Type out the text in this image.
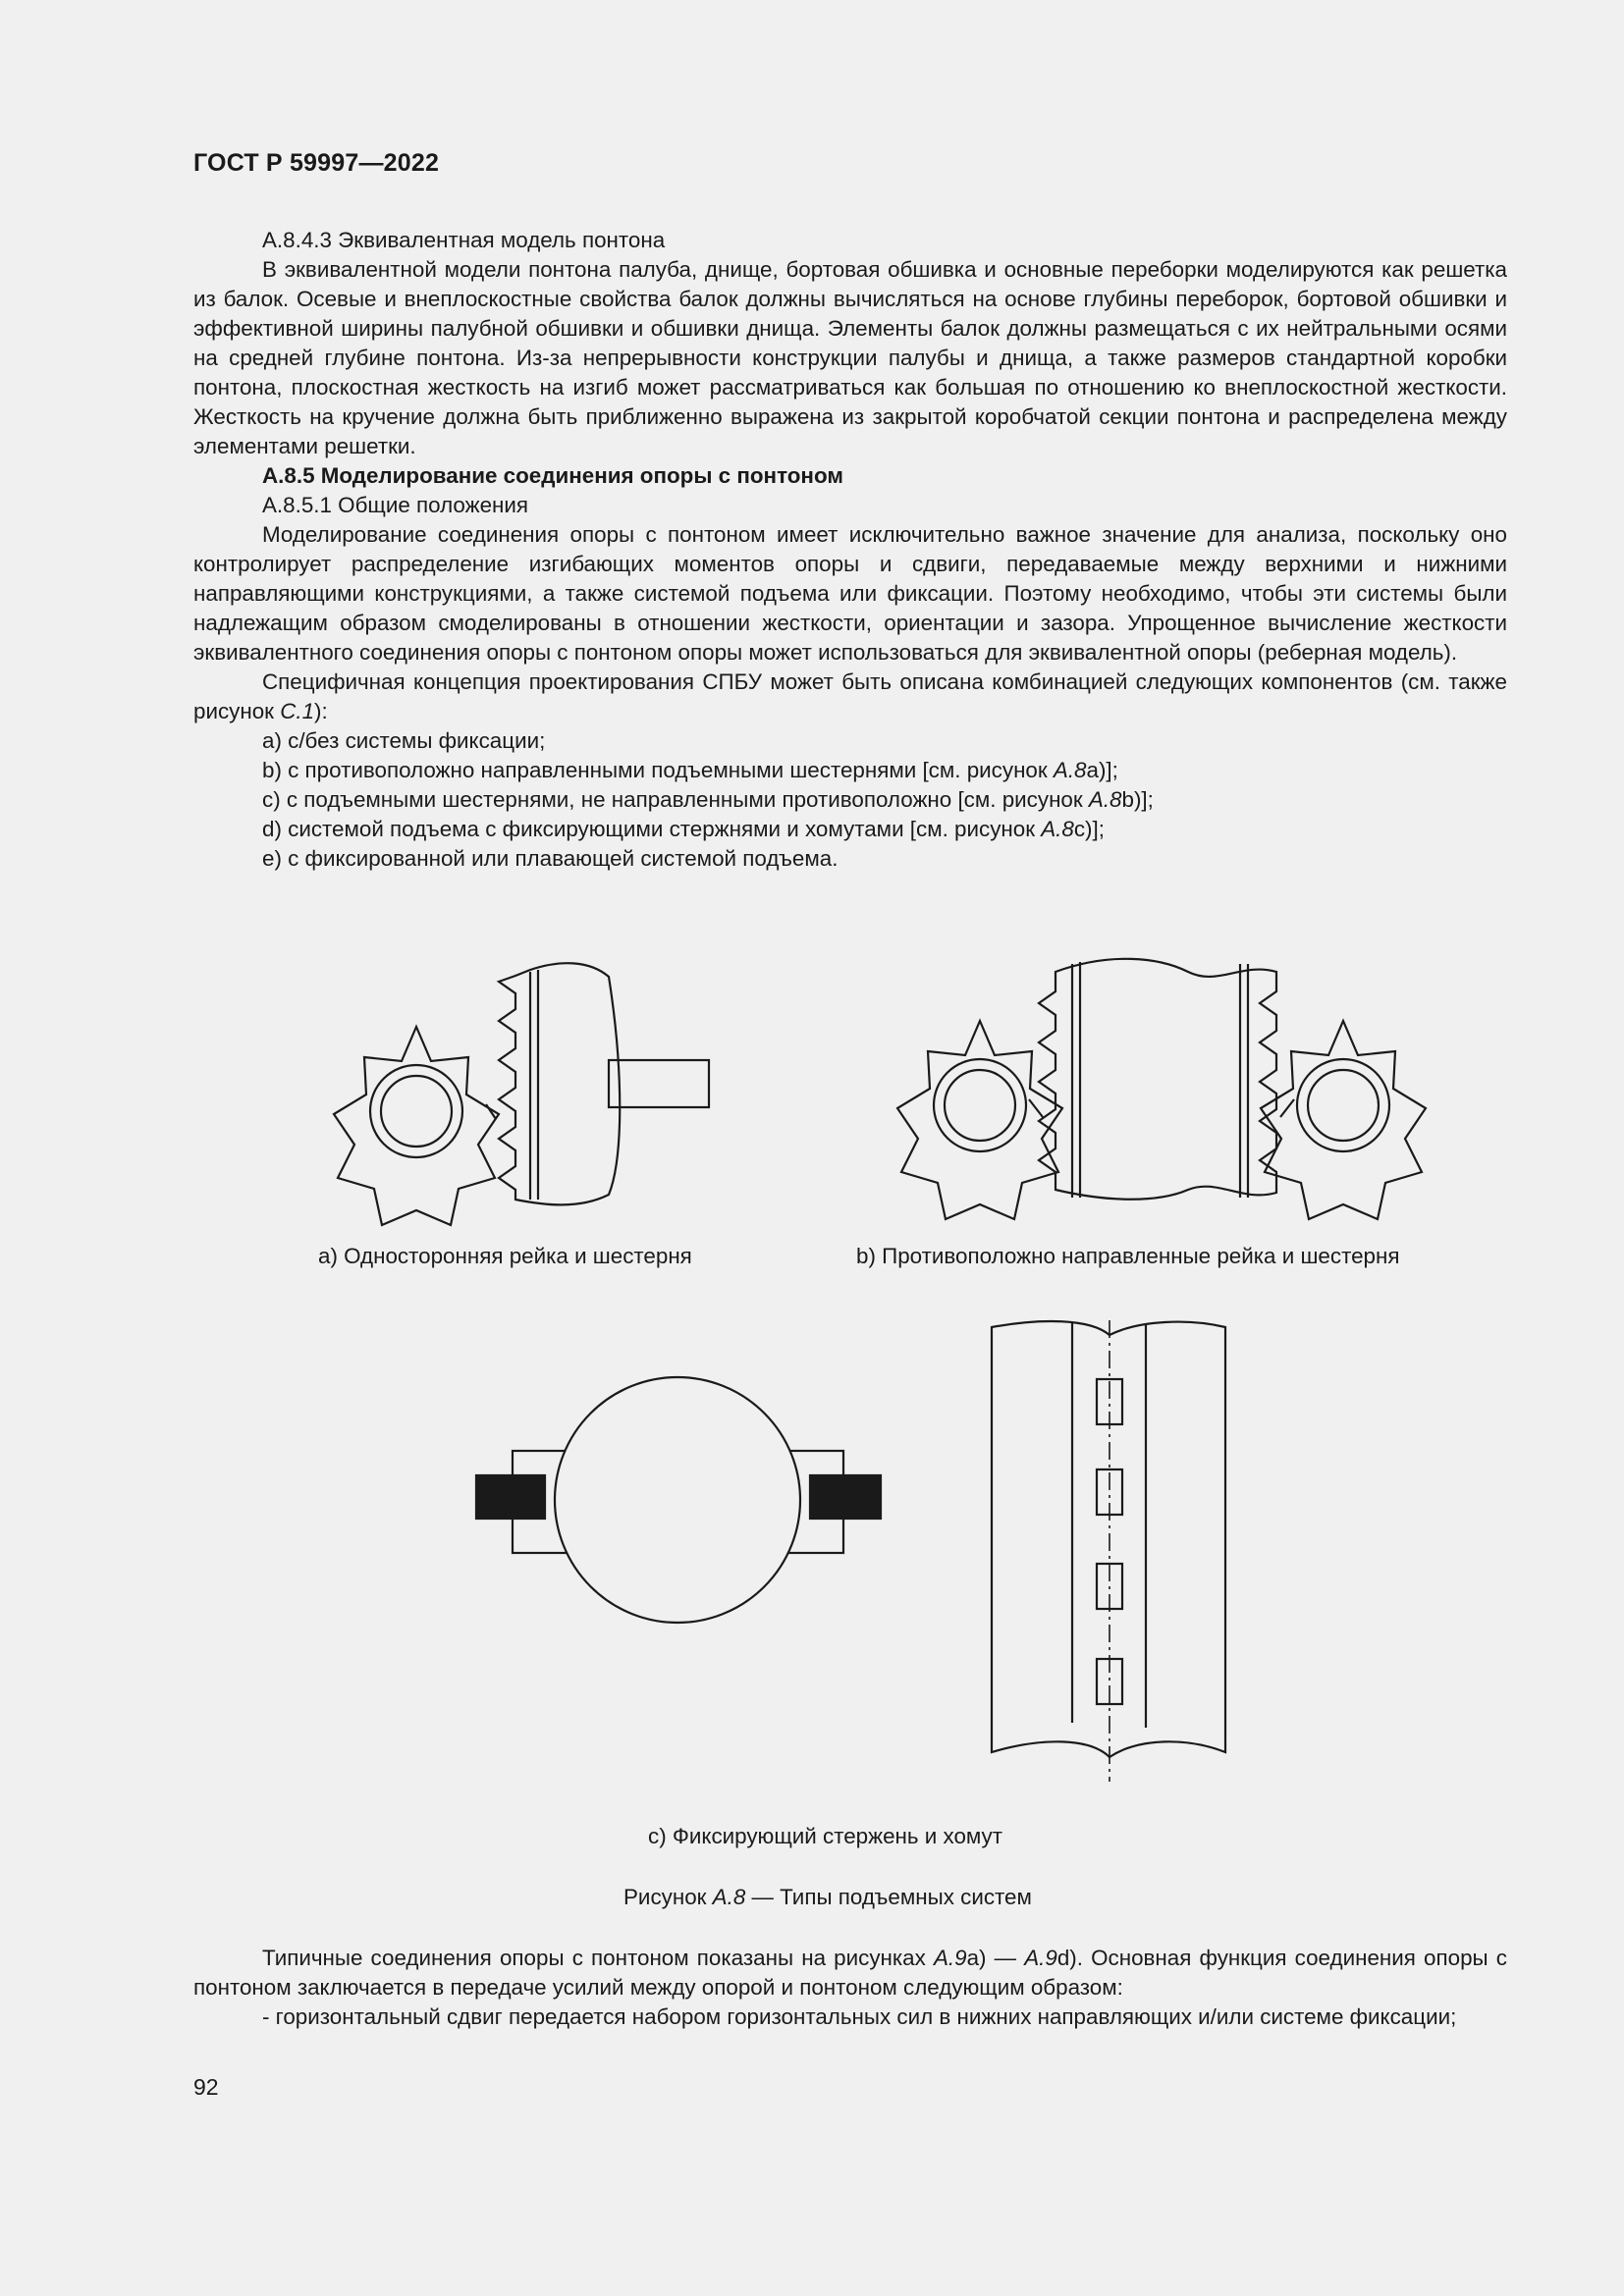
ГОСТ Р 59997—2022

А.8.4.3 Эквивалентная модель понтона

В эквивалентной модели понтона палуба, днище, бортовая обшивка и основные переборки моделируются как решетка из балок. Осевые и внеплоскостные свойства балок должны вычисляться на основе глубины переборок, бортовой обшивки и эффективной ширины палубной обшивки и обшивки днища. Элементы балок должны размещаться с их нейтральными осями на средней глубине понтона. Из-за непрерывности конструкции палубы и днища, а также размеров стандартной коробки понтона, плоскостная жесткость на изгиб может рассматриваться как большая по отношению ко внеплоскостной жесткости. Жесткость на кручение должна быть приближенно выражена из закрытой коробчатой секции понтона и распределена между элементами решетки.

А.8.5 Моделирование соединения опоры с понтоном

А.8.5.1 Общие положения

Моделирование соединения опоры с понтоном имеет исключительно важное значение для анализа, поскольку оно контролирует распределение изгибающих моментов опоры и сдвиги, передаваемые между верхними и нижними направляющими конструкциями, а также системой подъема или фиксации. Поэтому необходимо, чтобы эти системы были надлежащим образом смоделированы в отношении жесткости, ориентации и зазора. Упрощенное вычисление жесткости эквивалентного соединения опоры с понтоном опоры может использоваться для эквивалентной опоры (реберная модель).

Специфичная концепция проектирования СПБУ может быть описана комбинацией следующих компонентов (см. также рисунок С.1):

а) с/без системы фиксации;

b) с противоположно направленными подъемными шестернями [см. рисунок А.8a)];

c) с подъемными шестернями, не направленными противоположно [см. рисунок А.8b)];

d) системой подъема с фиксирующими стержнями и хомутами [см. рисунок А.8c)];

e) с фиксированной или плавающей системой подъема.

а) Односторонняя рейка и шестерня	b) Противоположно направленные рейка и шестерня
с) Фиксирующий стержень и хомут
Рисунок А.8 — Типы подъемных систем

Типичные соединения опоры с понтоном показаны на рисунках А.9а) — А.9d). Основная функция соединения опоры с понтоном заключается в передаче усилий между опорой и понтоном следующим образом:

- горизонтальный сдвиг передается набором горизонтальных сил в нижних направляющих и/или системе фиксации;

92
